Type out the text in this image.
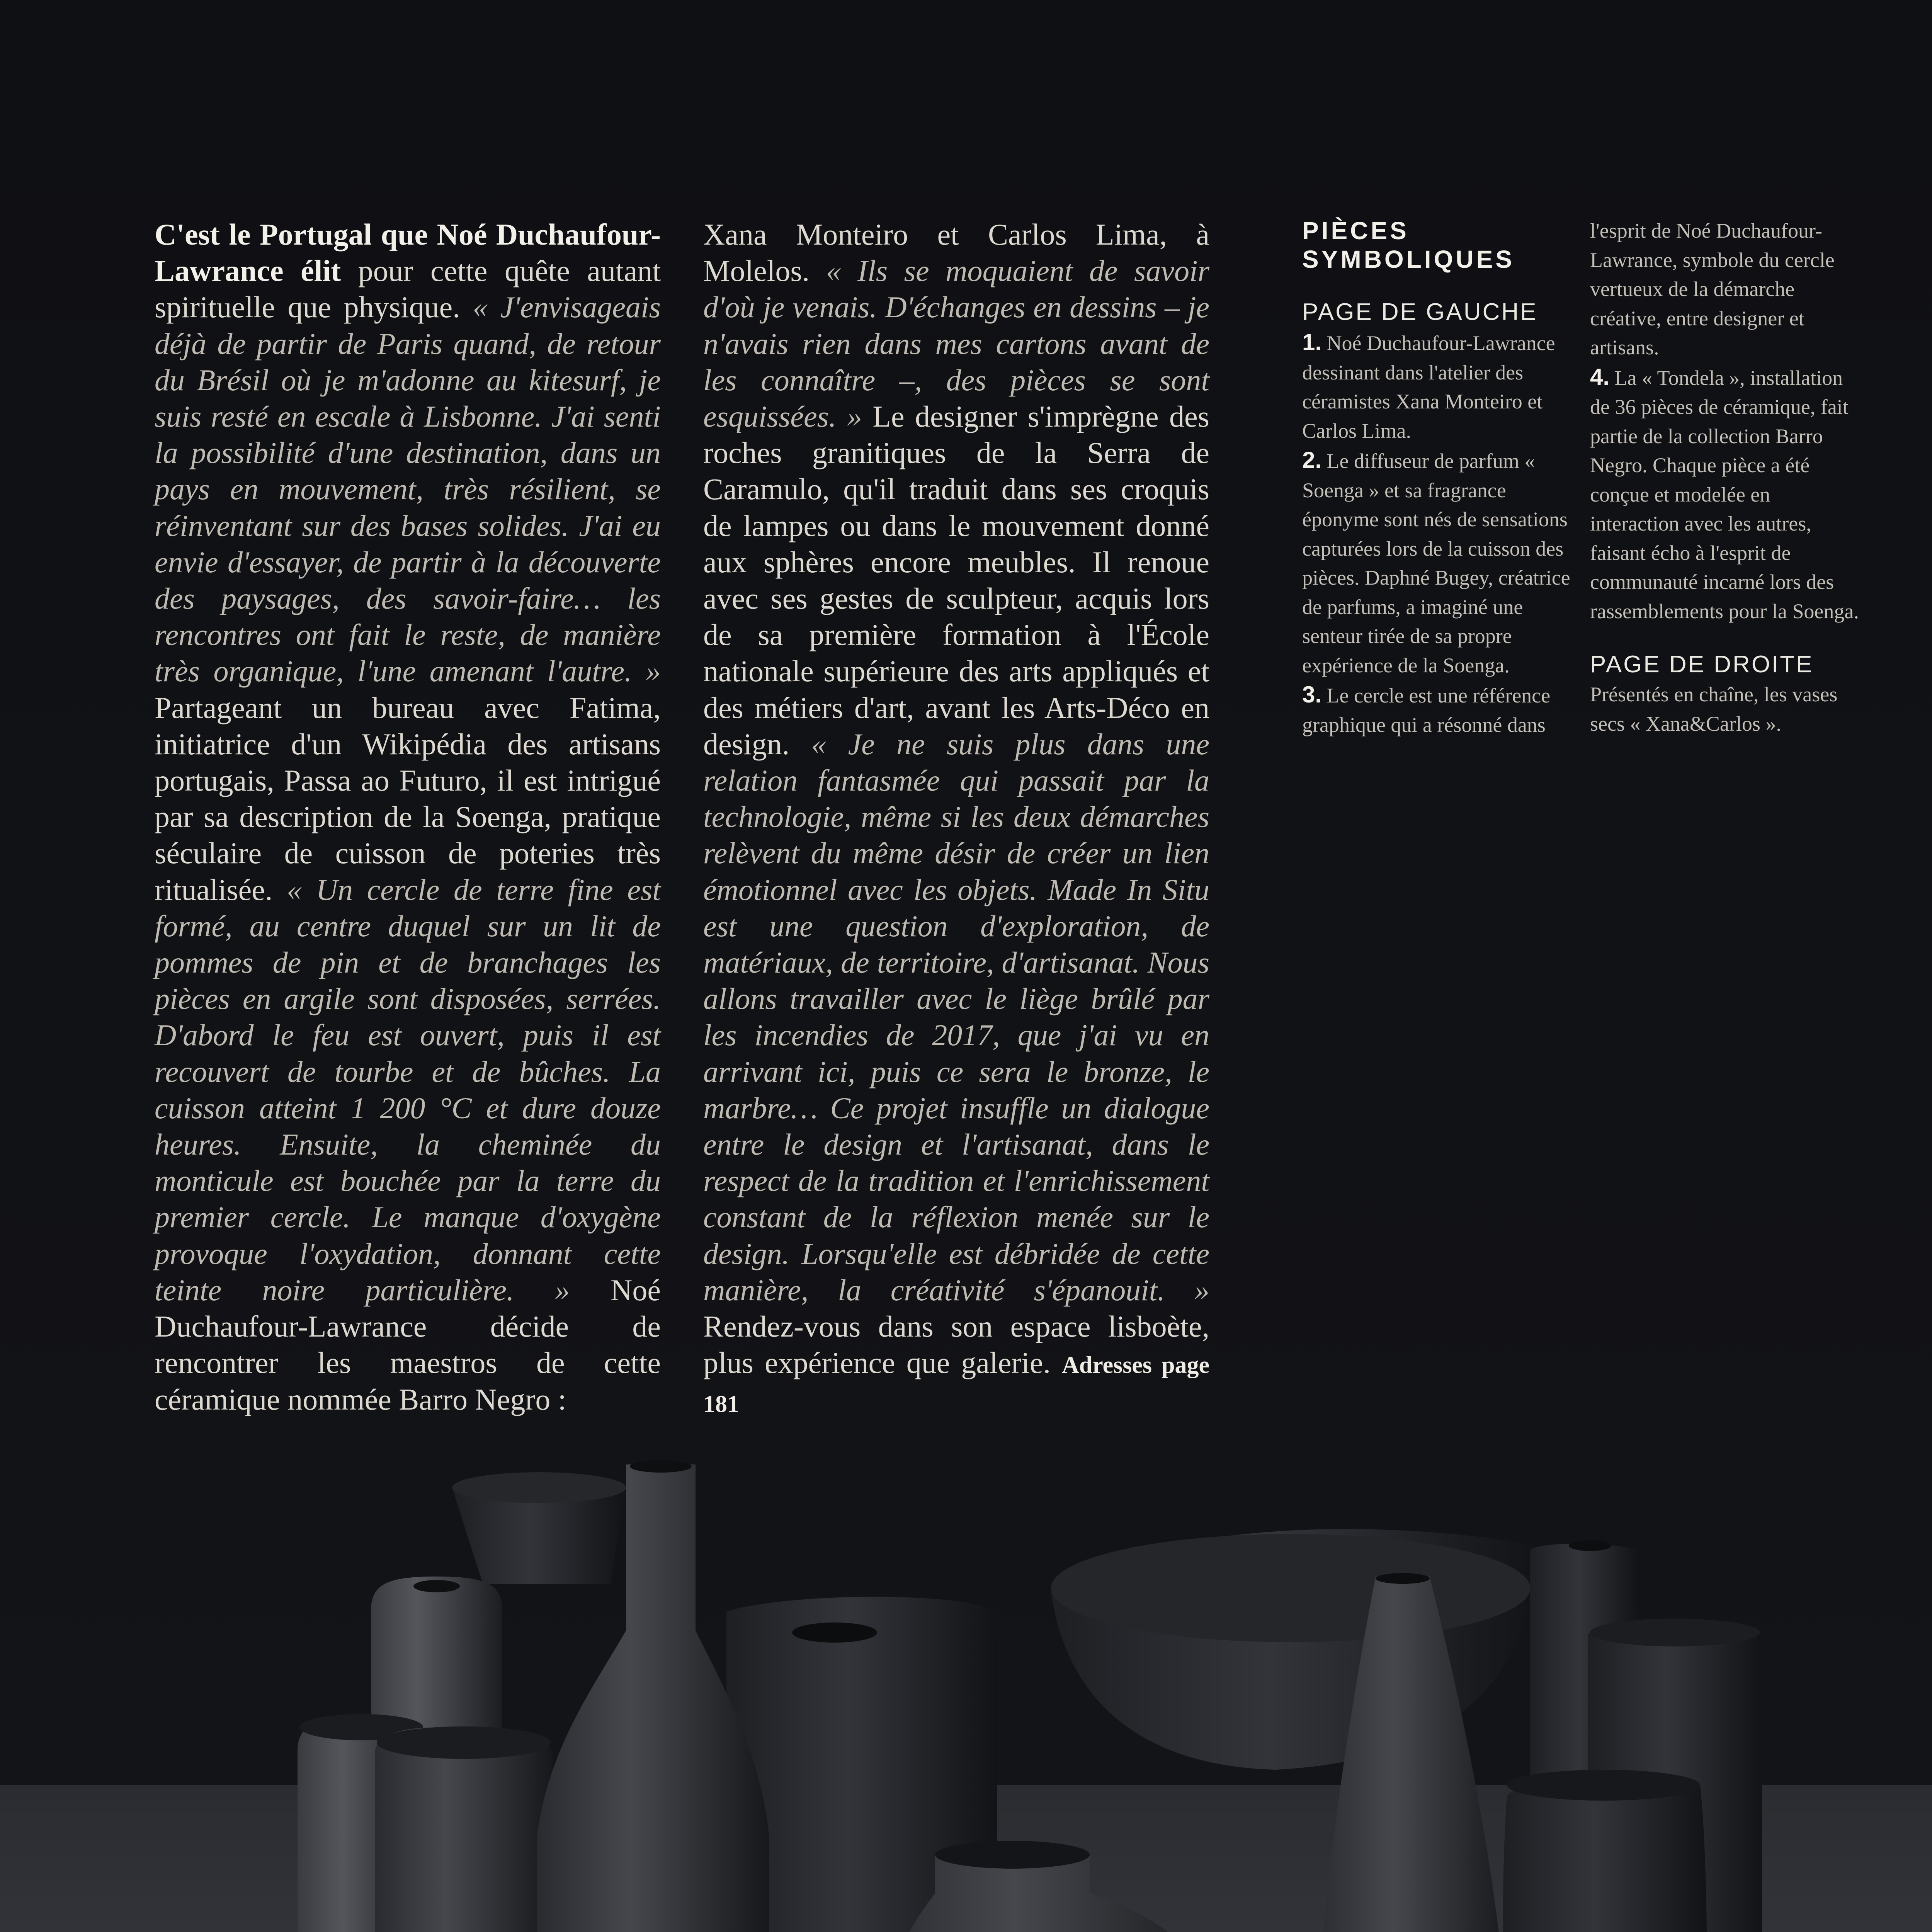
C'est le Portugal que Noé Duchaufour-Lawrance élit pour cette quête autant spirituelle que physique. « J'envisageais déjà de partir de Paris quand, de retour du Brésil où je m'adonne au kitesurf, je suis resté en escale à Lisbonne. J'ai senti la possibilité d'une destination, dans un pays en mouvement, très résilient, se réinventant sur des bases solides. J'ai eu envie d'essayer, de partir à la découverte des paysages, des savoir-faire… les rencontres ont fait le reste, de manière très organique, l'une amenant l'autre. » Partageant un bureau avec Fatima, initiatrice d'un Wikipédia des artisans portugais, Passa ao Futuro, il est intrigué par sa description de la Soenga, pratique séculaire de cuisson de poteries très ritualisée. « Un cercle de terre fine est formé, au centre duquel sur un lit de pommes de pin et de branchages les pièces en argile sont disposées, serrées. D'abord le feu est ouvert, puis il est recouvert de tourbe et de bûches. La cuisson atteint 1 200 °C et dure douze heures. Ensuite, la cheminée du monticule est bouchée par la terre du premier cercle. Le manque d'oxygène provoque l'oxydation, donnant cette teinte noire particulière. » Noé Duchaufour-Lawrance décide de rencontrer les maestros de cette céramique nommée Barro Negro :
Xana Monteiro et Carlos Lima, à Molelos. « Ils se moquaient de savoir d'où je venais. D'échanges en dessins – je n'avais rien dans mes cartons avant de les connaître –, des pièces se sont esquissées. » Le designer s'imprègne des roches granitiques de la Serra de Caramulo, qu'il traduit dans ses croquis de lampes ou dans le mouvement donné aux sphères encore meubles. Il renoue avec ses gestes de sculpteur, acquis lors de sa première formation à l'École nationale supérieure des arts appliqués et des métiers d'art, avant les Arts-Déco en design. « Je ne suis plus dans une relation fantasmée qui passait par la technologie, même si les deux démarches relèvent du même désir de créer un lien émotionnel avec les objets. Made In Situ est une question d'exploration, de matériaux, de territoire, d'artisanat. Nous allons travailler avec le liège brûlé par les incendies de 2017, que j'ai vu en arrivant ici, puis ce sera le bronze, le marbre… Ce projet insuffle un dialogue entre le design et l'artisanat, dans le respect de la tradition et l'enrichissement constant de la réflexion menée sur le design. Lorsqu'elle est débridée de cette manière, la créativité s'épanouit. » Rendez-vous dans son espace lisboète, plus expérience que galerie. Adresses page 181
PIÈCES SYMBOLIQUES
PAGE DE GAUCHE
1. Noé Duchaufour-Lawrance dessinant dans l'atelier des céramistes Xana Monteiro et Carlos Lima.
2. Le diffuseur de parfum « Soenga » et sa fragrance éponyme sont nés de sensations capturées lors de la cuisson des pièces. Daphné Bugey, créatrice de parfums, a imaginé une senteur tirée de sa propre expérience de la Soenga.
3. Le cercle est une référence graphique qui a résonné dans
l'esprit de Noé Duchaufour-Lawrance, symbole du cercle vertueux de la démarche créative, entre designer et artisans.
4. La « Tondela », installation de 36 pièces de céramique, fait partie de la collection Barro Negro. Chaque pièce a été conçue et modelée en interaction avec les autres, faisant écho à l'esprit de communauté incarné lors des rassemblements pour la Soenga.
PAGE DE DROITE
Présentés en chaîne, les vases secs « Xana&Carlos ».
